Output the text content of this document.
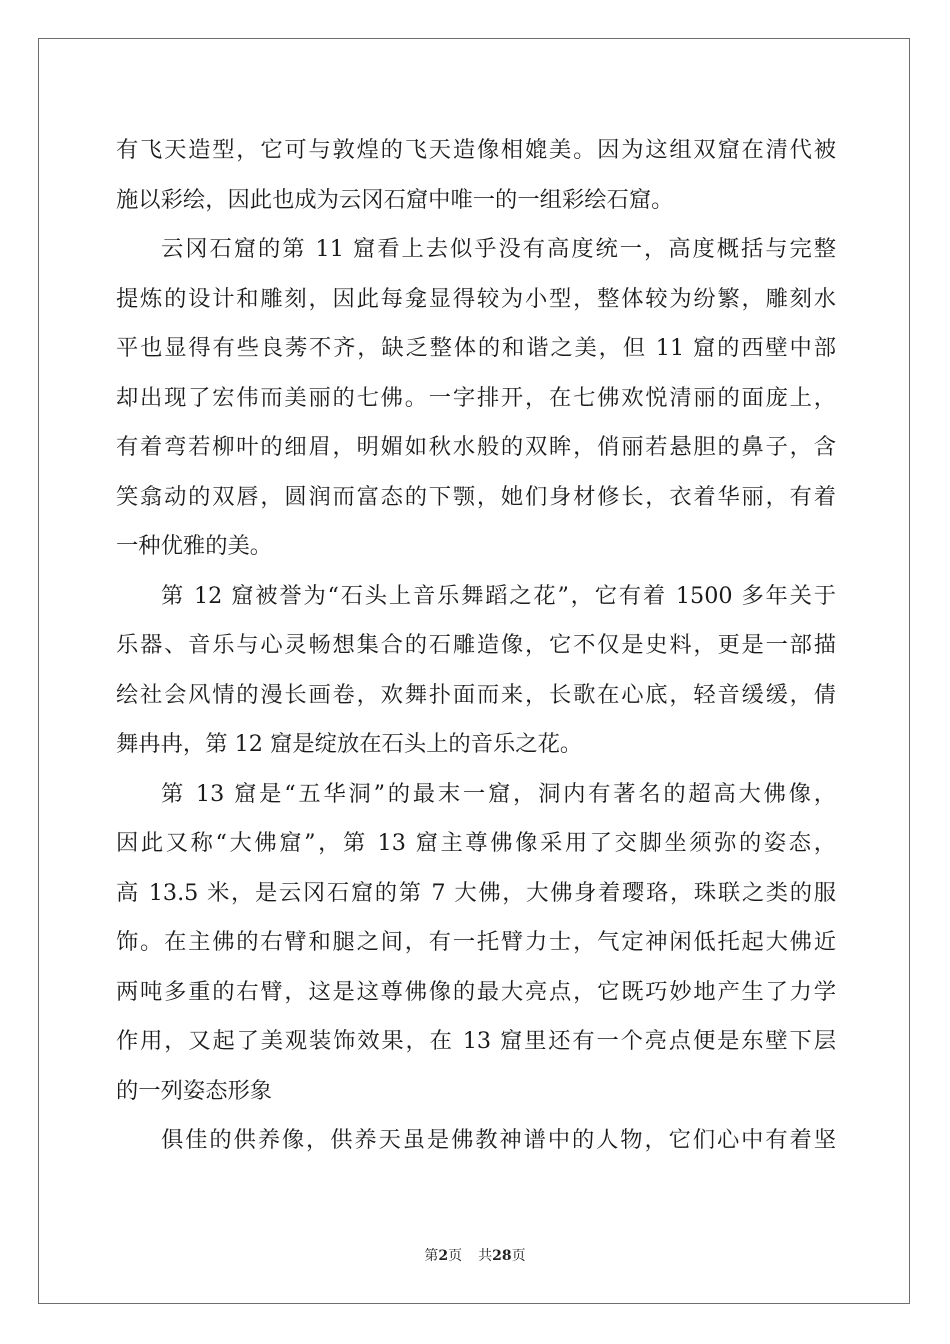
有飞天造型，它可与敦煌的飞天造像相媲美。因为这组双窟在清代被
施以彩绘，因此也成为云冈石窟中唯一的一组彩绘石窟。
云冈石窟的第 11 窟看上去似乎没有高度统一，高度概括与完整
提炼的设计和雕刻，因此每龛显得较为小型，整体较为纷繁，雕刻水
平也显得有些良莠不齐，缺乏整体的和谐之美，但 11 窟的西壁中部
却出现了宏伟而美丽的七佛。一字排开，在七佛欢悦清丽的面庞上，
有着弯若柳叶的细眉，明媚如秋水般的双眸，俏丽若悬胆的鼻子，含
笑翕动的双唇，圆润而富态的下颚，她们身材修长，衣着华丽，有着
一种优雅的美。
第 12 窟被誉为“石头上音乐舞蹈之花”，它有着 1500 多年关于
乐器、音乐与心灵畅想集合的石雕造像，它不仅是史料，更是一部描
绘社会风情的漫长画卷，欢舞扑面而来，长歌在心底，轻音缓缓，倩
舞冉冉，第 12 窟是绽放在石头上的音乐之花。
第 13 窟是“五华洞”的最末一窟，洞内有著名的超高大佛像，
因此又称“大佛窟”，第 13 窟主尊佛像采用了交脚坐须弥的姿态，
高 13.5 米，是云冈石窟的第 7 大佛，大佛身着璎珞，珠联之类的服
饰。在主佛的右臂和腿之间，有一托臂力士，气定神闲低托起大佛近
两吨多重的右臂，这是这尊佛像的最大亮点，它既巧妙地产生了力学
作用，又起了美观装饰效果，在 13 窟里还有一个亮点便是东壁下层
的一列姿态形象
俱佳的供养像，供养天虽是佛教神谱中的人物，它们心中有着坚
第2页 共28页
